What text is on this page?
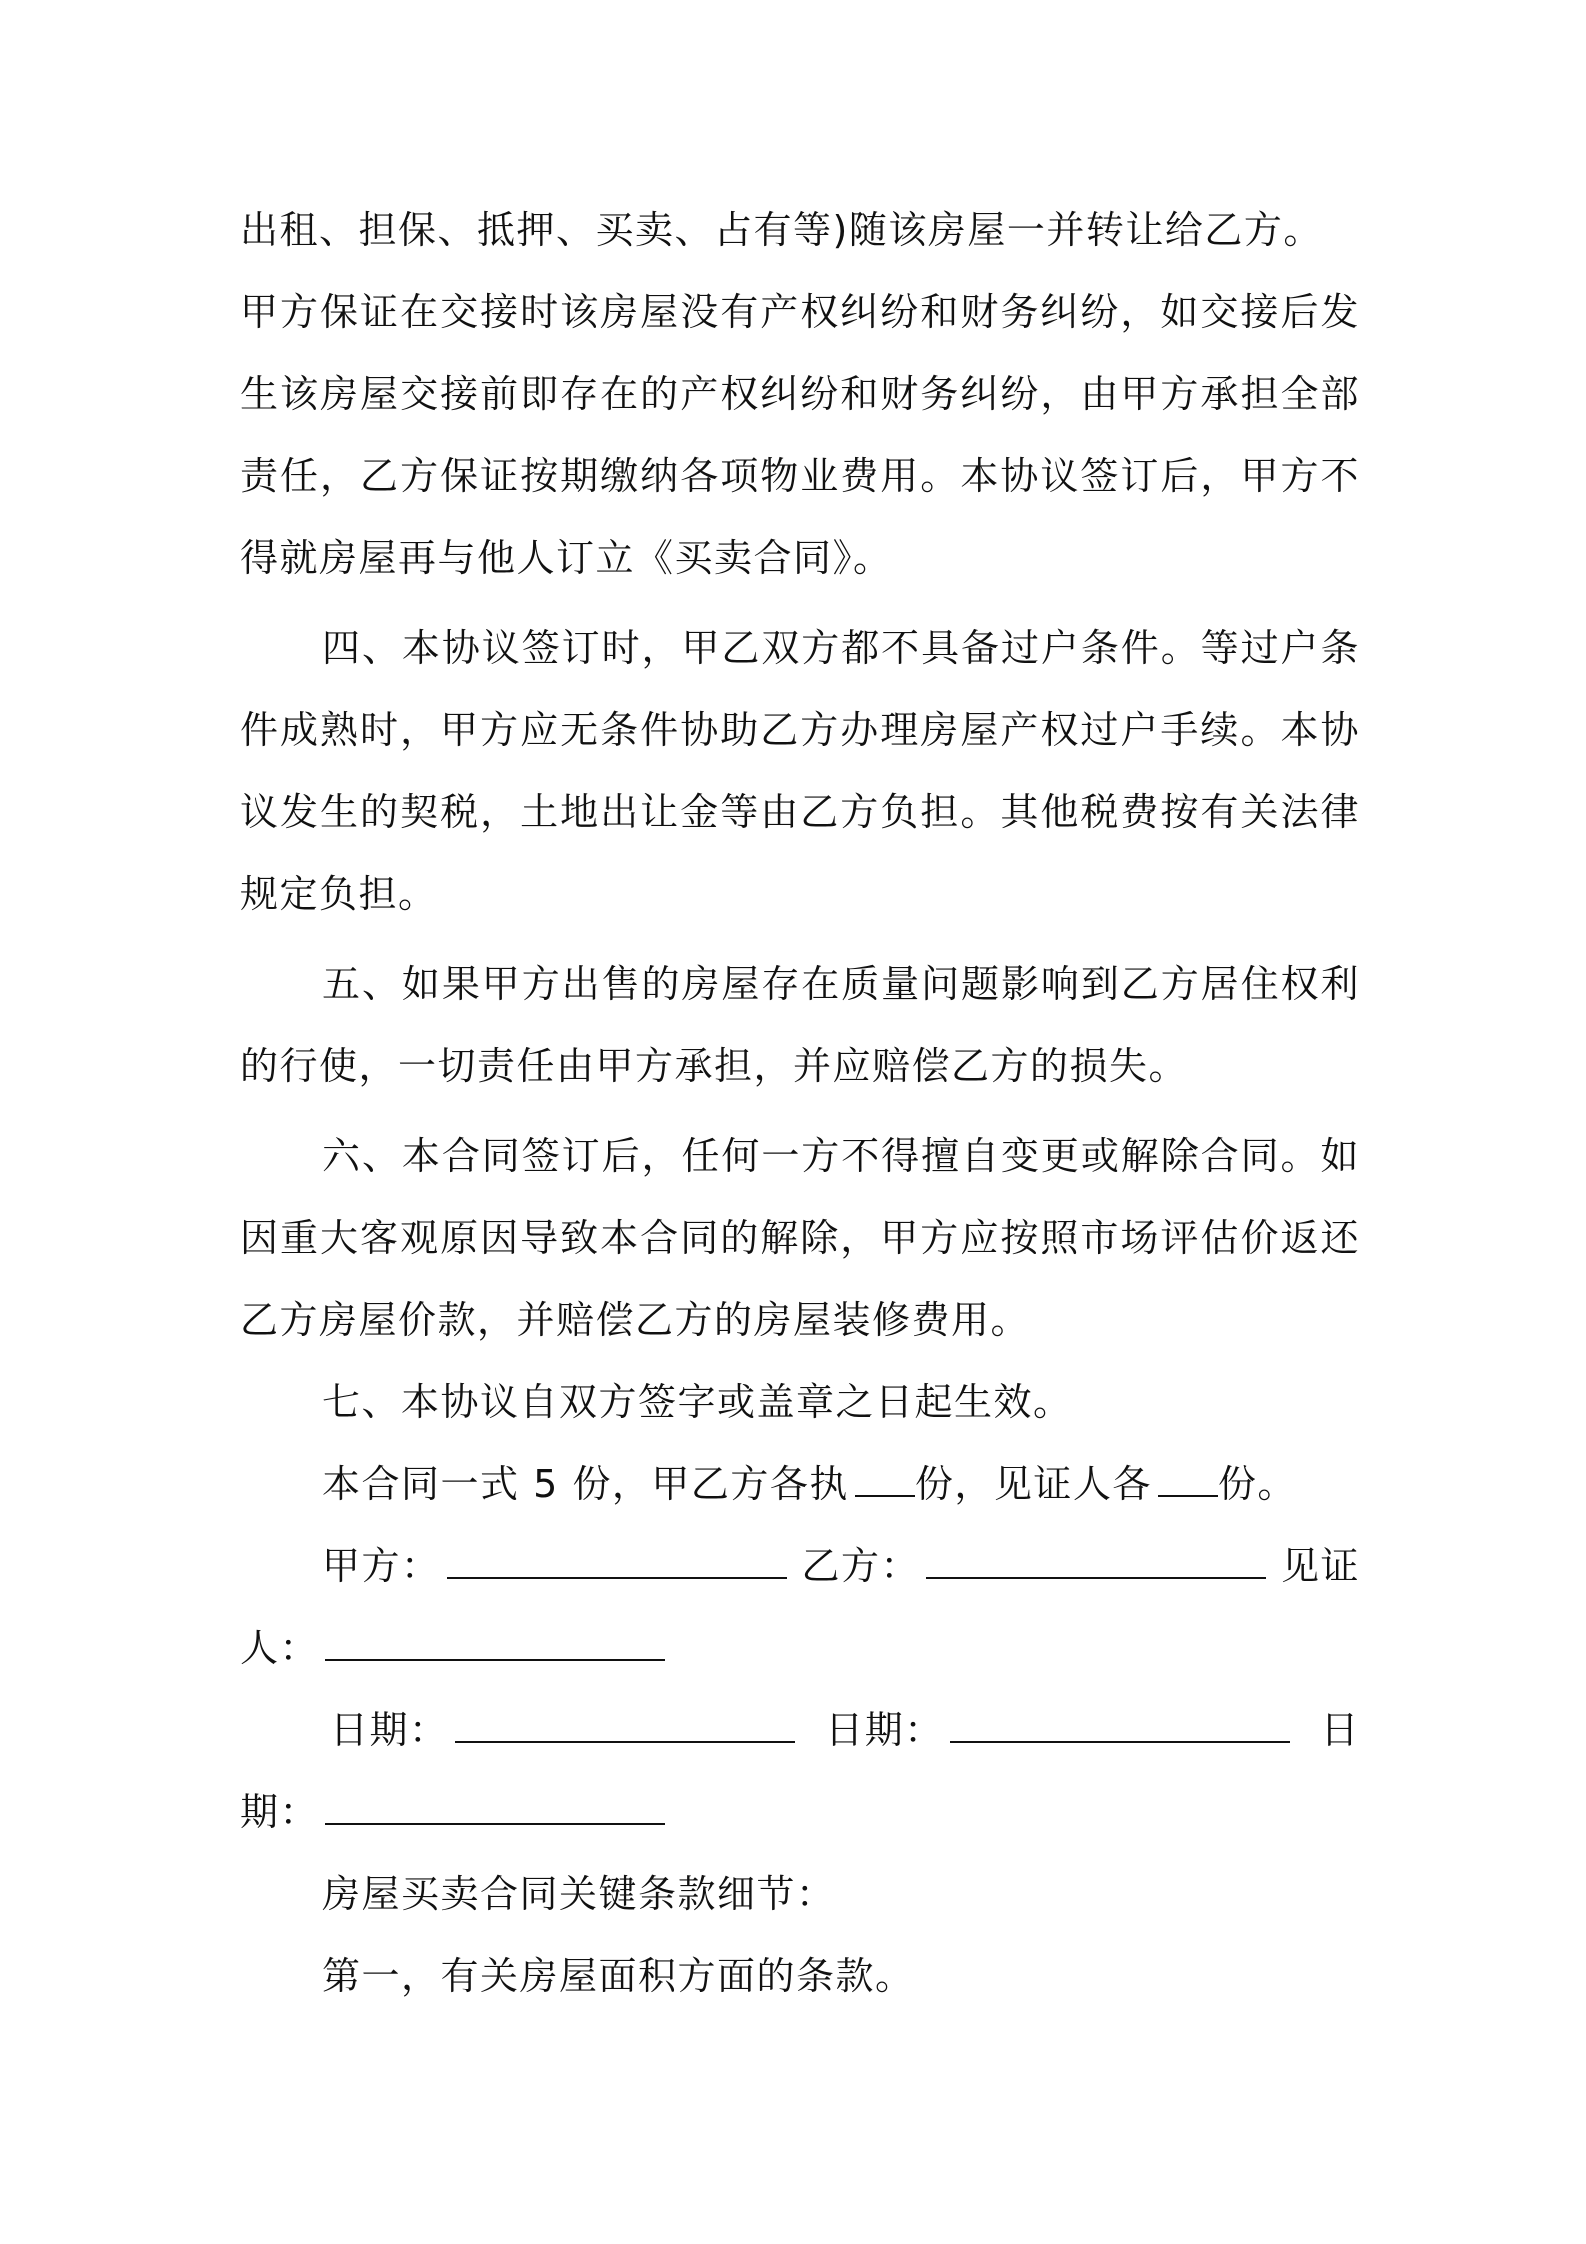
出租、担保、抵押、买卖、占有等)随该房屋一并转让给乙方。
甲方保证在交接时该房屋没有产权纠纷和财务纠纷，如交接后发
生该房屋交接前即存在的产权纠纷和财务纠纷，由甲方承担全部
责任，乙方保证按期缴纳各项物业费用。本协议签订后，甲方不
得就房屋再与他人订立《买卖合同》。
四、本协议签订时，甲乙双方都不具备过户条件。等过户条
件成熟时，甲方应无条件协助乙方办理房屋产权过户手续。本协
议发生的契税，土地出让金等由乙方负担。其他税费按有关法律
规定负担。
五、如果甲方出售的房屋存在质量问题影响到乙方居住权利
的行使，一切责任由甲方承担，并应赔偿乙方的损失。
六、本合同签订后，任何一方不得擅自变更或解除合同。如
因重大客观原因导致本合同的解除，甲方应按照市场评估价返还
乙方房屋价款，并赔偿乙方的房屋装修费用。
七、本协议自双方签字或盖章之日起生效。
本合同一式 5 份，甲乙方各执 份，见证人各 份。
甲方：	乙方：	见证
人：
日期：	日期：	日
期：
房屋买卖合同关键条款细节：
第一，有关房屋面积方面的条款。
